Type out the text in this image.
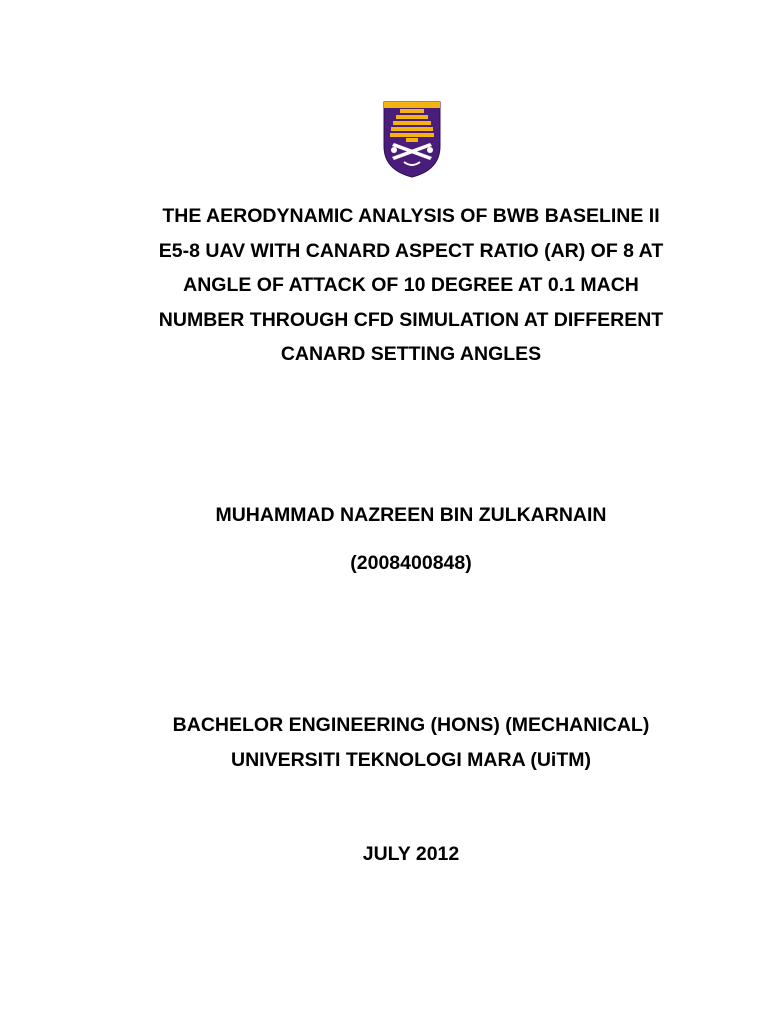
THE AERODYNAMIC ANALYSIS OF BWB BASELINE II
E5-8 UAV WITH CANARD ASPECT RATIO (AR) OF 8 AT
ANGLE OF ATTACK OF 10 DEGREE AT 0.1 MACH
NUMBER THROUGH CFD SIMULATION AT DIFFERENT
CANARD SETTING ANGLES

MUHAMMAD NAZREEN BIN ZULKARNAIN

(2008400848)

BACHELOR ENGINEERING (HONS) (MECHANICAL)

UNIVERSITI TEKNOLOGI MARA (UiTM)

JULY 2012
